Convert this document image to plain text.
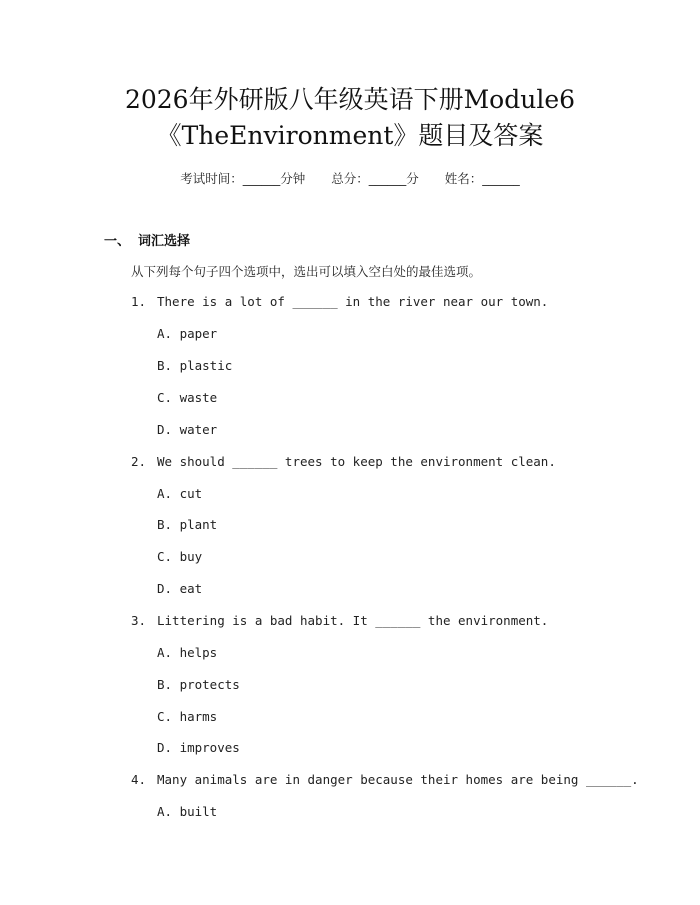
2026年外研版八年级英语下册Module6
《TheEnvironment》题目及答案
考试时间：______分钟 总分：______分 姓名：______
一、 词汇选择
从下列每个句子四个选项中，选出可以填入空白处的最佳选项。
1. There is a lot of ______ in the river near our town.
A. paper
B. plastic
C. waste
D. water
2. We should ______ trees to keep the environment clean.
A. cut
B. plant
C. buy
D. eat
3. Littering is a bad habit. It ______ the environment.
A. helps
B. protects
C. harms
D. improves
4. Many animals are in danger because their homes are being ______.
A. built
